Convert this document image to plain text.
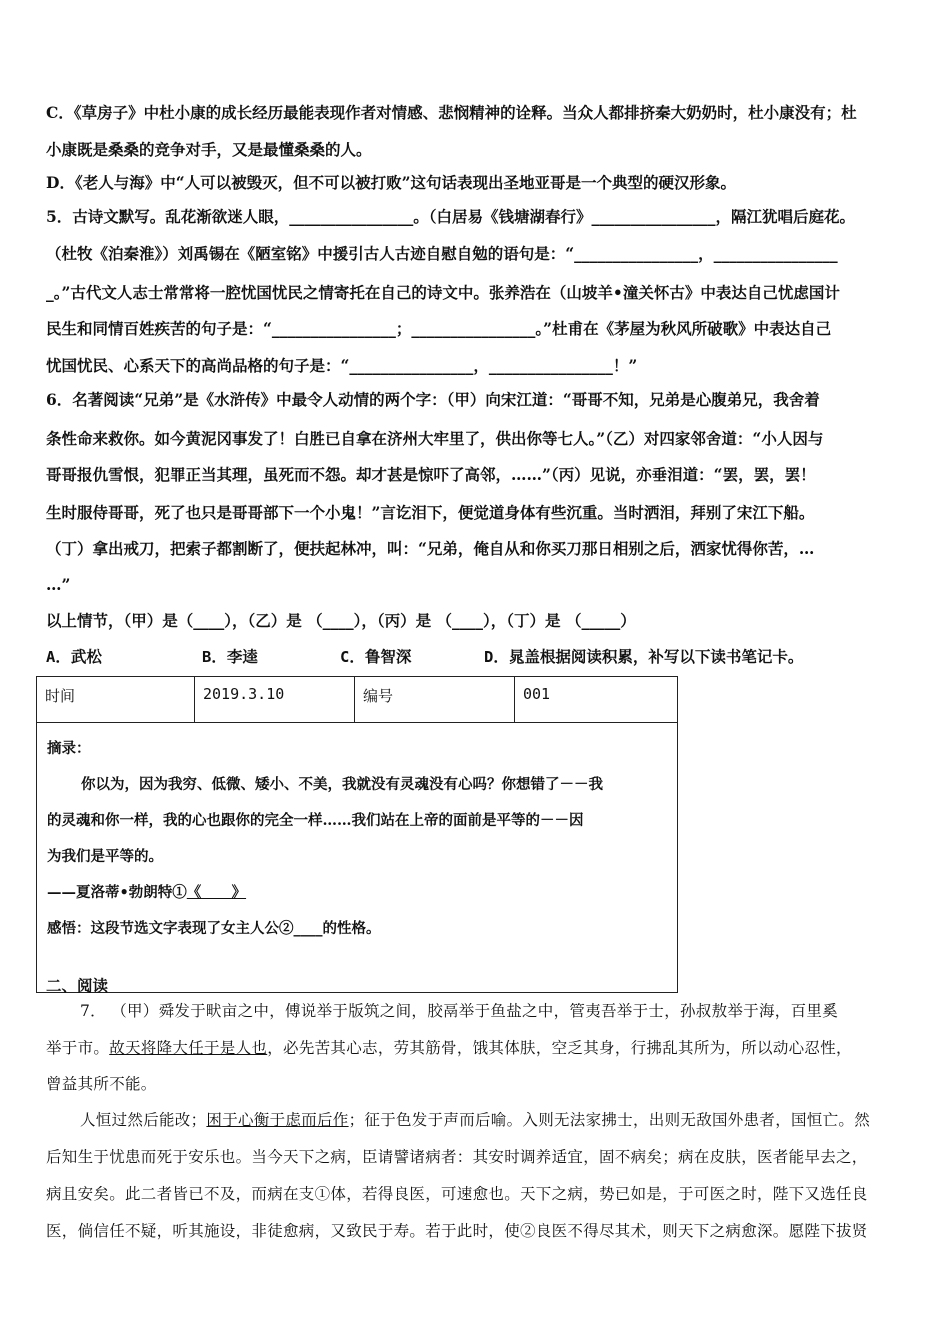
C．《草房子》中杜小康的成长经历最能表现作者对情感、悲悯精神的诠释。当众人都排挤秦大奶奶时，杜小康没有；杜
小康既是桑桑的竞争对手，又是最懂桑桑的人。
D．《老人与海》中“人可以被毁灭，但不可以被打败”这句话表现出圣地亚哥是一个典型的硬汉形象。
5．古诗文默写。乱花渐欲迷人眼，________________。（白居易《钱塘湖春行》________________，隔江犹唱后庭花。
（杜牧《泊秦淮》）刘禹锡在《陋室铭》中援引古人古迹自慰自勉的语句是：“________________，________________
_。”古代文人志士常常将一腔忧国忧民之情寄托在自己的诗文中。张养浩在（山坡羊•潼关怀古》中表达自己忧虑国计
民生和同情百姓疾苦的句子是：“________________；________________。”杜甫在《茅屋为秋风所破歌》中表达自己
忧国忧民、心系天下的高尚品格的句子是：“________________，________________！”
6．名著阅读“兄弟”是《水浒传》中最令人动情的两个字：（甲）向宋江道：“哥哥不知，兄弟是心腹弟兄，我舍着
条性命来救你。如今黄泥冈事发了！白胜已自拿在济州大牢里了，供出你等七人。”（乙）对四家邻舍道：“小人因与
哥哥报仇雪恨，犯罪正当其理，虽死而不怨。却才甚是惊吓了高邻，……”（丙）见说，亦垂泪道：“罢，罢，罢！
生时服侍哥哥，死了也只是哥哥部下一个小鬼！”言讫泪下，便觉道身体有些沉重。当时洒泪，拜别了宋江下船。
（丁）拿出戒刀，把索子都割断了，便扶起林冲，叫：“兄弟，俺自从和你买刀那日相别之后，洒家忧得你苦，…
…”
以上情节，（甲）是（____），（乙）是 （____），（丙）是 （____），（丁）是 （_____）
A．武松	B．李逵	C．鲁智深	D．晁盖根据阅读积累，补写以下读书笔记卡。
时间	2019.3.10	编号	001

摘录：

你以为，因为我穷、低微、矮小、不美，我就没有灵魂没有心吗？你想错了－－我

的灵魂和你一样，我的心也跟你的完全一样……我们站在上帝的面前是平等的－－因

为我们是平等的。

——夏洛蒂•勃朗特①《      》

感悟：这段节选文字表现了女主人公②____的性格。

二、阅读
7． （甲）舜发于畎亩之中，傅说举于版筑之间，胶鬲举于鱼盐之中，管夷吾举于士，孙叔敖举于海，百里奚
举于市。故天将降大任于是人也，必先苦其心志，劳其筋骨，饿其体肤，空乏其身，行拂乱其所为，所以动心忍性，
曾益其所不能。
人恒过然后能改；困于心衡于虑而后作；征于色发于声而后喻。入则无法家拂士，出则无敌国外患者，国恒亡。然
后知生于忧患而死于安乐也。当今天下之病，臣请譬诸病者：其安时调养适宜，固不病矣；病在皮肤，医者能早去之，
病且安矣。此二者皆已不及，而病在支①体，若得良医，可速愈也。天下之病，势已如是，于可医之时，陛下又选任良
医，倘信任不疑，听其施设，非徒愈病，又致民于寿。若于此时，使②良医不得尽其术，则天下之病愈深。愿陛下拔贤
